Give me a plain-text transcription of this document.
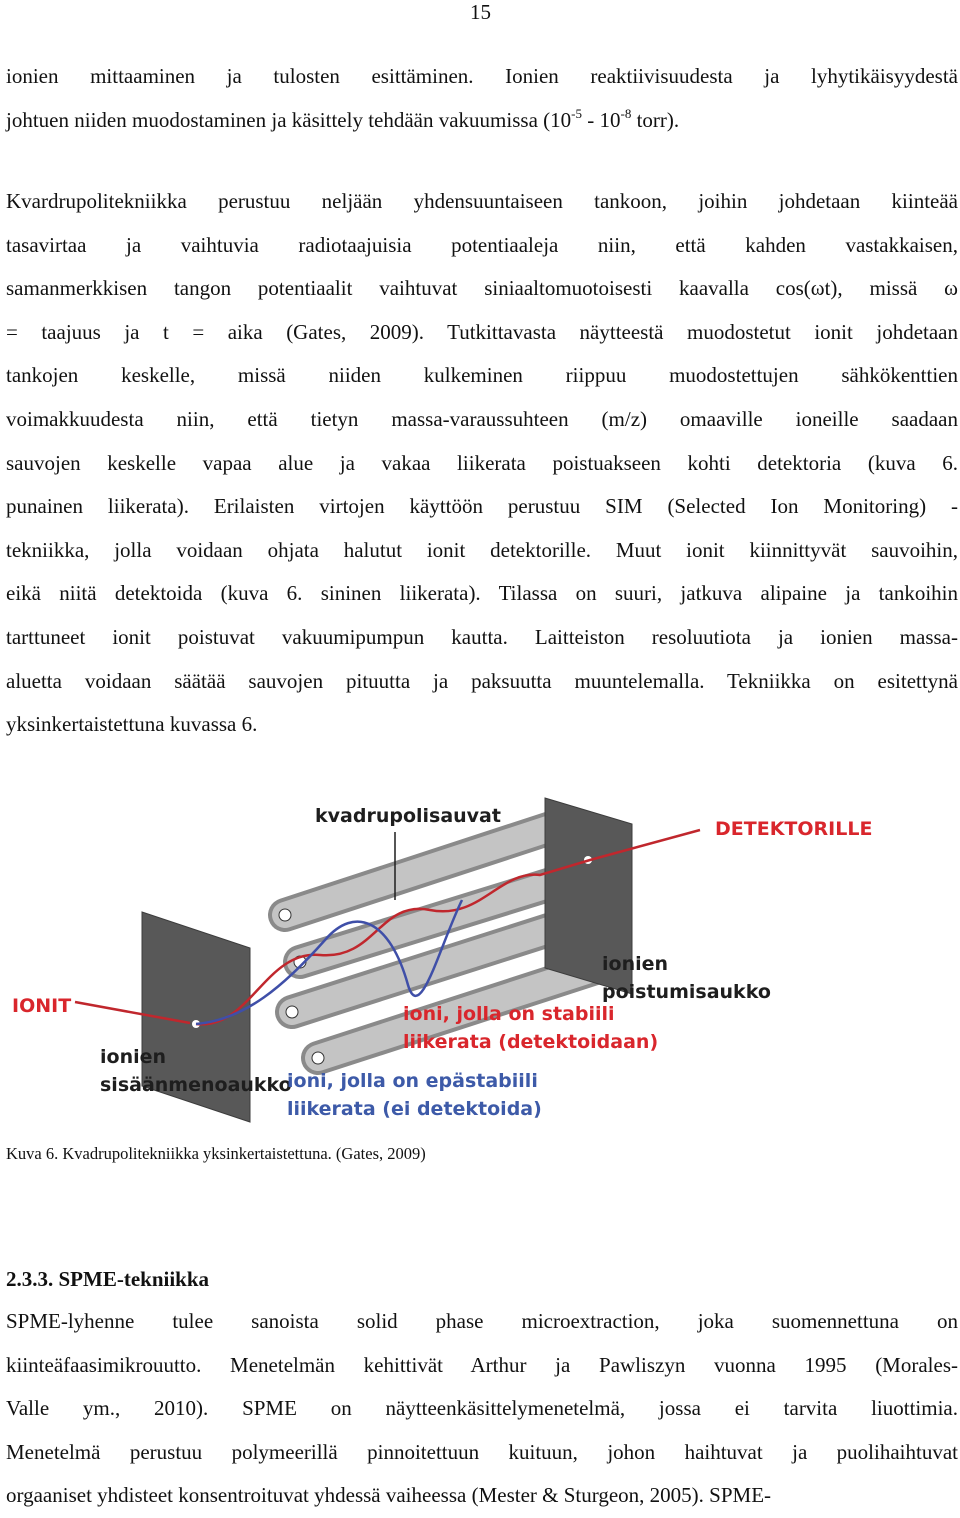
15
ionien mittaaminen ja tulosten esittäminen. Ionien reaktiivisuudesta ja lyhytikäisyydestä
johtuen niiden muodostaminen ja käsittely tehdään vakuumissa ($10^{-5} - 10^{-8}$ torr).
Kvardrupolitekniikka perustuu neljään yhdensuuntaiseen tankoon, joihin johdetaan kiinteää
tasavirtaa ja vaihtuvia radiotaajuisia potentiaaleja niin, että kahden vastakkaisen,
samanmerkkisen tangon potentiaalit vaihtuvat siniaaltomuotoisesti kaavalla cos(ωt), missä ω
= taajuus ja t = aika (Gates, 2009). Tutkittavasta näytteestä muodostetut ionit johdetaan
tankojen keskelle, missä niiden kulkeminen riippuu muodostettujen sähkökenttien
voimakkuudesta niin, että tietyn massa-varaussuhteen (m/z) omaaville ioneille saadaan
sauvojen keskelle vapaa alue ja vakaa liikerata poistuakseen kohti detektoria (kuva 6.
punainen liikerata). Erilaisten virtojen käyttöön perustuu SIM (Selected Ion Monitoring) -
tekniikka, jolla voidaan ohjata halutut ionit detektorille. Muut ionit kiinnittyvät sauvoihin,
eikä niitä detektoida (kuva 6. sininen liikerata). Tilassa on suuri, jatkuva alipaine ja tankoihin
tarttuneet ionit poistuvat vakuumipumpun kautta. Laitteiston resoluutiota ja ionien massa-
aluetta voidaan säätää sauvojen pituutta ja paksuutta muuntelemalla. Tekniikka on esitettynä
yksinkertaistettuna kuvassa 6.
kvadrupolisauvat
DETEKTORILLE
IONIT
ionien
poistumisaukko
ioni, jolla on stabiili
liikerata (detektoidaan)
ionien
sisäänmenoaukko
ioni, jolla on epästabiili
liikerata (ei detektoida)
Kuva 6. Kvadrupolitekniikka yksinkertaistettuna. (Gates, 2009)
2.3.3. SPME-tekniikka
SPME-lyhenne tulee sanoista solid phase microextraction, joka suomennettuna on
kiinteäfaasimikrouutto. Menetelmän kehittivät Arthur ja Pawliszyn vuonna 1995 (Morales-
Valle ym., 2010). SPME on näytteenkäsittelymenetelmä, jossa ei tarvita liuottimia.
Menetelmä perustuu polymeerillä pinnoitettuun kuituun, johon haihtuvat ja puolihaihtuvat
orgaaniset yhdisteet konsentroituvat yhdessä vaiheessa (Mester & Sturgeon, 2005). SPME-
